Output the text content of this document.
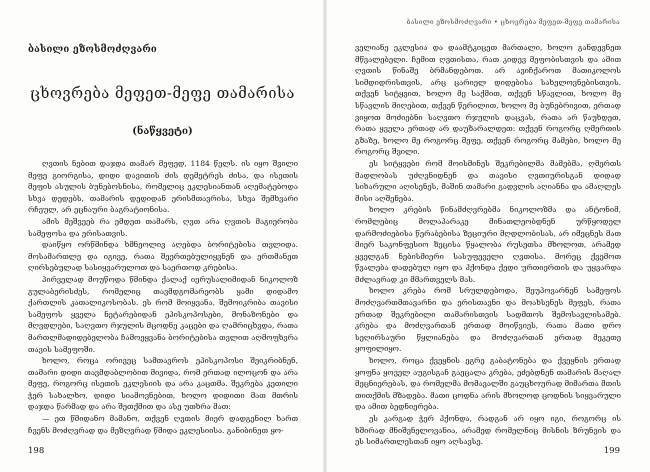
ბასილი ეზოსმოძღვარი
ცხოვრება მეფეთ-მეფე თამარისა
(ნაწყვეტი)

ღვთის ნებით დაჯდა თამარ მეფედ, 1184 წელს. ის იყო შვილი მეფე გიორგისა, დიდი დავითის ძის დემეტრეს ძისა, და ისეთის მეფის ასულის ბუნებოსნისა, რომელიც ეკლესიანთან აღემატებოდა სხვა დედებს, თამარის დედიდან ერისმთავრისა, სხვა შემხვარი რჩეულ, არ ეცნაური ბაგრატიონისა.

ამის მეშვეებ რა ემდეთ თამარს, ღვთ არა ღვთის მაგიერობა სამეფოსა და ერისათვის.

დაიწყო ორწმინდა ხმნეოლივ აღებდა ბორიტებისა თვლიდა. მოსამართლე და იგივე, რათა შეერთებულიყვნენ და ერთმანეთ ღირსებულად სასიყვარულოთ და საერთოდ კრებისა.

პირველად მოუწოდა წმინდა ქალაქ იერუსალიმიდან ნიკოლოზ გულაბერისძეს, რომელიც თავმდგომარეობს ყამი დიდამო ქართლის კათალიკოსობას. ეს რომ მოიყვანა, შემოიკრიბა თავისი სამეფოს ყველა ნეტარებიდან ეპისკოპოსები, მონაზონები და მღვდლები, საღვთო რჯულის მცოდნე კაცები და ღამრიცხვდა, რათა მართლმადიდებელობა ჩამოეყვანა ბორიტებისა თვლით აღმოფხვრა თავის სამეფოში.

ხოლო, როცა ორივეც სამთავროს ეპისკოპოსი შეიკრიბნენ, თამარი დიდი თავმდაბლობით მივიდა, რომ ერთად ილოცონ და არა მეფე, როგორც ისეთის ეკლესიის და არა კაცთმა. შეკრება კეთილი ჭერ სახალხო, დიდი სიამოვნებით, ხოლო დიდითი მათ მთრის დაჯდა წარმად და არა შეთქმით და ასე უთხრა მათ:

— ეთ წმიდანო მამანო, თქვენ ღვთის მიერ დადგენილ ხართ ჩვენს მოძღვრად და მეზღვრად წმიდა ეკლესიისა. განიბინეთ ყო-

198
ბასილი ეზოსმოძღვარი • ცხოვრება მეფეთ-მეფე თამარისა

ველიანე ეკლესია და დაამტკიცეთ მართალი, ხოლო განდევნეთ მწვალებელი. ჩემით ღვთისთა, რათ კიდევ მეფობისთვის და ამით ღვთის წინაშე ბრმანდებოთ. არ ავიჩქაროთ მათიკოლოს სიმდიდრისთვის, არც ცარიელ დიდებისა სახელოვნებისთვის. თქვენ სიტყვით, ხოლო მე საქმით, თქვენ სწავლით, ხოლო მე სწავლის მიღებით, თქვენ წერილით, ხოლო მე ბუნებრივით, ერთად ვიყოთ მოძიებნი საღვთო რჯულის დაცვას, რათა არ წაუხდეთ, რათა ყველა ერთად არ დაუზარალდეთ: თქვენ როგორც ღმერთის გზაზე, ხოლო მე როგორც მეფე, თქვენ როგორც მამები, ხოლო მე როგორც შვილი.

ეს სიტყვები რომ მოისმინეს შეკრებილმა მამებმა, ღმერთს მადლობას უძღვნიდნენ და თავისი ღვთიურისგან დიდად სიხარული აღისენეს, მაშინ თამარი გადვლის აღიანნა და ამაღლეს მისი აღშენება.

ხოლო კრების წინამძღვრებმა ნიკოლოზმა და ანტონიმ, რომლებიც მოლაპარაკე მინათლეობდნენ ურწყოდელ დარმოძიებისა წერაბებისა ზეციური მღდლობისას, არ იმეცნეს მათ მიერ საკონფესიო ზეცისა წყალობა რუსეთსა მხოლოთ, არამედ ყველგან ნებისმიერი სასუფეველი ღვთისა. მორეც ქვემოთ წვალება დადებულ იყო და ჰქონდა ქედი ურთიერთის და უყვარდა მძლავრად კი მმართველს მას.

ხოლო კრება რომ სრულდებოდა, შეუპოვარნენ სამეფოს მოძღვართმთავარნი და ერისთავნი და მოახსენეს მეფეს, რათა ერთად შეკრებილი თამარისთვის სადმთოს შემოსავლისამებ. კრება და მოძღვართან ერთად მოიწვიეს, რათა მათი დრო სეღირსაური წყლიანება და მოძღვართან ერთად მეკეთე ყოფილიყო.

ხოლო, როცა ქვეყნის ეგრე გაბატონება და ქვეყნის ერთად ყოფნა ყოველ აუგისგან გაეცალა კრება, ეძებდნენ თამარის მაღალ მეცნიერებას, და რომელმა მომავალში გაუცხოურად მიმართა მთის თითქმის მზადება. მათი ცოდნა არის მხოლოდ ცოდნის სიყვარული და ამით ბედნიერება.

ეს კარგად ჭერ ჰქონდა, რადგან არ იყო იგი, როგორც ის ხშირად მნიშვნელოვანია, არამედ რომელნიც მისნის ზრუნვის და ეს სიმართლესთან იყო აღსავსე.

199
